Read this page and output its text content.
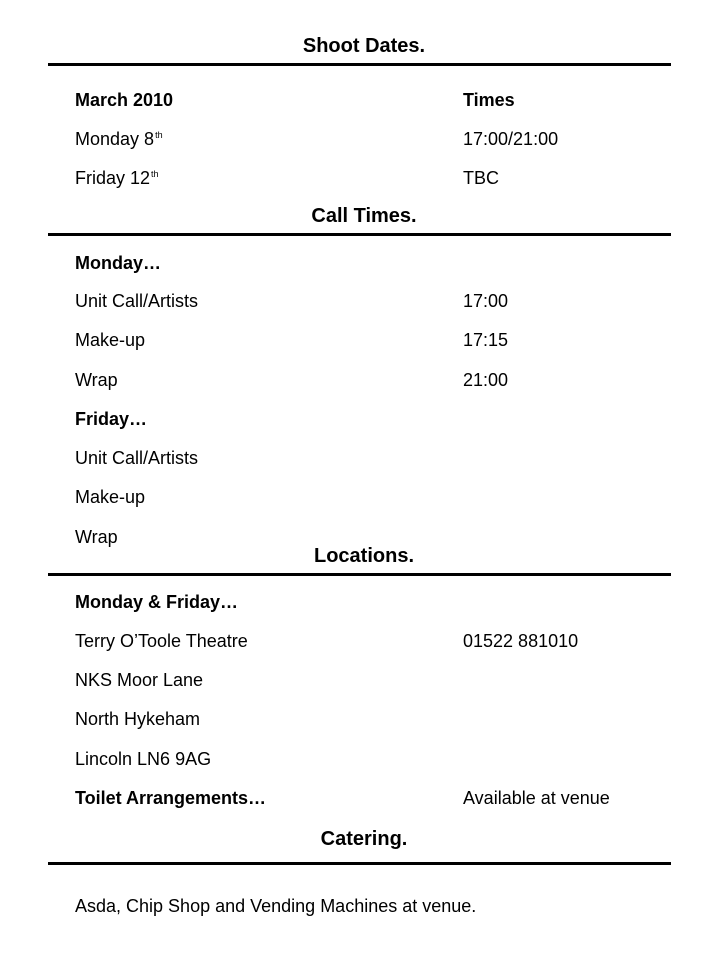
Shoot Dates.
March 2010	Times
Monday 8th	17:00/21:00
Friday 12th	TBC
Call Times.
Monday…
Unit Call/Artists	17:00
Make-up	17:15
Wrap	21:00
Friday…
Unit Call/Artists
Make-up
Wrap
Locations.
Monday & Friday…
Terry O’Toole Theatre	01522 881010
NKS Moor Lane
North Hykeham
Lincoln LN6 9AG
Toilet Arrangements…	Available at venue
Catering.
Asda, Chip Shop and Vending Machines at venue.
